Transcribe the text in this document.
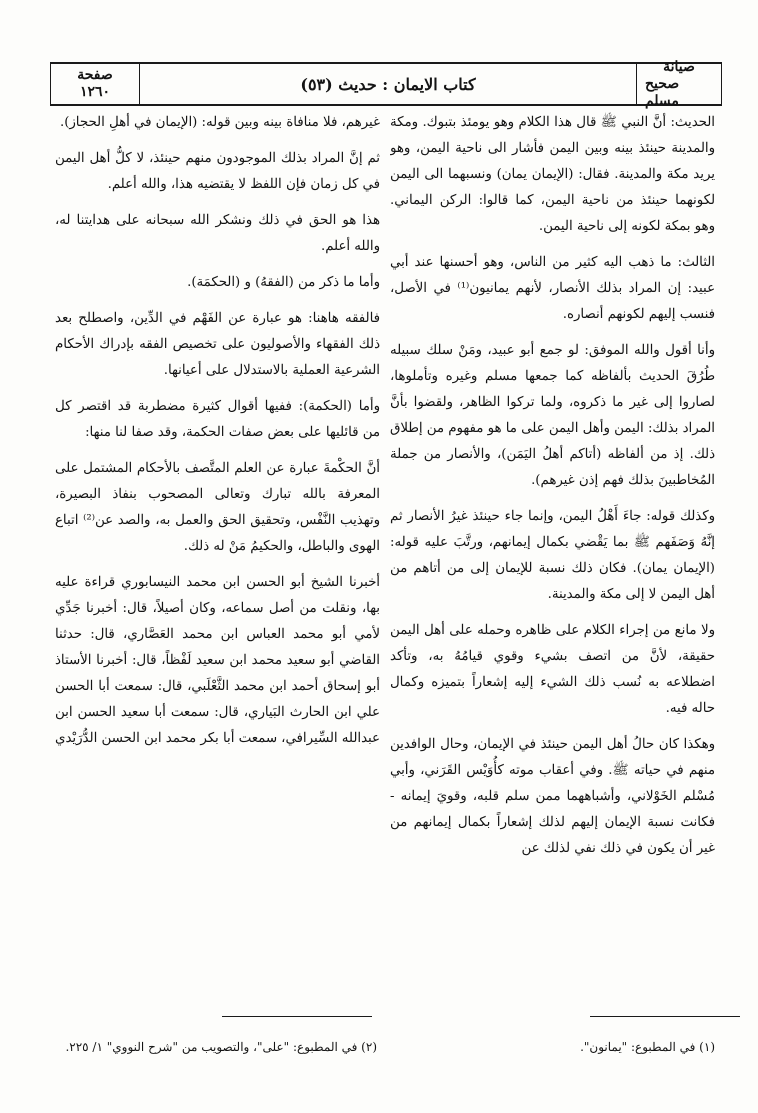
صفحة
١٢٦٠	كتاب الايمان : حديث (٥٣)
صيانة
صحيح مسلم

الحديث: أنَّ النبي ﷺ قال هذا الكلام وهو يومئذ بتبوك. ومكة والمدينة حينئذ بينه وبين اليمن فأشار الى ناحية اليمن، وهو يريد مكة والمدينة. فقال: (الإيمان يمان) ونسبهما الى اليمن لكونهما حينئذ من ناحية اليمن، كما قالوا: الركن اليماني. وهو بمكة لكونه إلى ناحية اليمن.

الثالث: ما ذهب اليه كثير من الناس، وهو أحسنها عند أبي عبيد: إن المراد بذلك الأنصار، لأنهم يمانيون⁽¹⁾ في الأصل، فنسب إليهم لكونهم أنصاره.

وأنا أقول والله الموفق: لو جمع أبو عبيد، ومَنْ سلك سبيله طُرُقَ الحديث بألفاظه كما جمعها مسلم وغيره وتأملوها، لصاروا إلى غير ما ذكروه، ولما تركوا الظاهر، ولقضوا بأنَّ المراد بذلك: اليمن وأهل اليمن على ما هو مفهوم من إطلاق ذلك. إذ من ألفاظه (أتاكم أهلُ اليَمَن)، والأنصار من جملة المُخاطبينَ بذلك فهم إذن غيرهم).

وكذلك قوله: جاءَ أَهْلُ اليمن، وإنما جاء حينئذ غيرُ الأنصار ثم إنَّهُ وَصَفَهم ﷺ بما يَقْضي بكمال إيمانهم، ورتَّبَ عليه قوله: (الإيمان يمان). فكان ذلك نسبة للإيمان إلى من أتاهم من أهل اليمن لا إلى مكة والمدينة.

ولا مانع من إجراء الكلام على ظاهره وحمله على أهل اليمن حقيقة، لأنَّ من اتصف بشيء وقوي قيامُهُ به، وتأكد اضطلاعه به نُسب ذلك الشيء إليه إشعاراً بتميزه وكمال حاله فيه.

وهكذا كان حالُ أهل اليمن حينئذ في الإيمان، وحال الوافدين منهم في حياته ﷺ. وفي أعقاب موته كأُوَيْس القَرَني، وأبي مُسْلم الخَوْلاني، وأشباههما ممن سلم قلبه، وقويَ إيمانه - فكانت نسبة الإيمان إليهم لذلك إشعاراً بكمال إيمانهم من غير أن يكون في ذلك نفي لذلك عن

غيرهم، فلا منافاة بينه وبين قوله: (الإيمان في أهلِ الحجاز).

ثم إنَّ المراد بذلك الموجودون منهم حينئذ، لا كلُّ أهل اليمن في كل زمان فإن اللفظ لا يقتضيه هذا، والله أعلم.

هذا هو الحق في ذلك ونشكر الله سبحانه على هدايتنا له، والله أعلم.

وأما ما ذكر من (الفقهُ) و (الحكمَة).

فالفقه هاهنا: هو عبارة عن الفَهْم في الدِّين، واصطلح بعد ذلك الفقهاء والأصوليون على تخصيص الفقه بإدراك الأحكام الشرعية العملية بالاستدلال على أعيانها.

وأما (الحكمة): ففيها أقوال كثيرة مضطربة قد اقتصر كل من قائليها على بعض صفات الحكمة، وقد صفا لنا منها:

أنَّ الحكْمةَ عبارة عن العلم المتَّصف بالأحكام المشتمل على المعرفة بالله تبارك وتعالى المصحوب بنفاذ البصيرة، وتهذيب النَّفْس، وتحقيق الحق والعمل به، والصد عن⁽²⁾ اتباع الهوى والباطل، والحكيمُ مَنْ له ذلك.

أخبرنا الشيخ أبو الحسن ابن محمد النيسابوري قراءة عليه بها، ونقلت من أصل سماعه، وكان أصيلاً، قال: أخبرنا جَدِّي لأمي أبو محمد العباس ابن محمد العَصَّاري، قال: حدثنا القاضي أبو سعيد محمد ابن سعيد لَفْظاً، قال: أخبرنا الأستاذ أبو إسحاق أحمد ابن محمد الثَّعْلَبي، قال: سمعت أبا الحسن علي ابن الحارث البَياري، قال: سمعت أبا سعيد الحسن ابن عبدالله السِّيرافي، سمعت أبا بكر محمد ابن الحسن الدُّرَيْدي

(١) في المطبوع: "يمانون".
(٢) في المطبوع: "على"، والتصويب من "شرح النووي" ١/ ٢٢٥.
